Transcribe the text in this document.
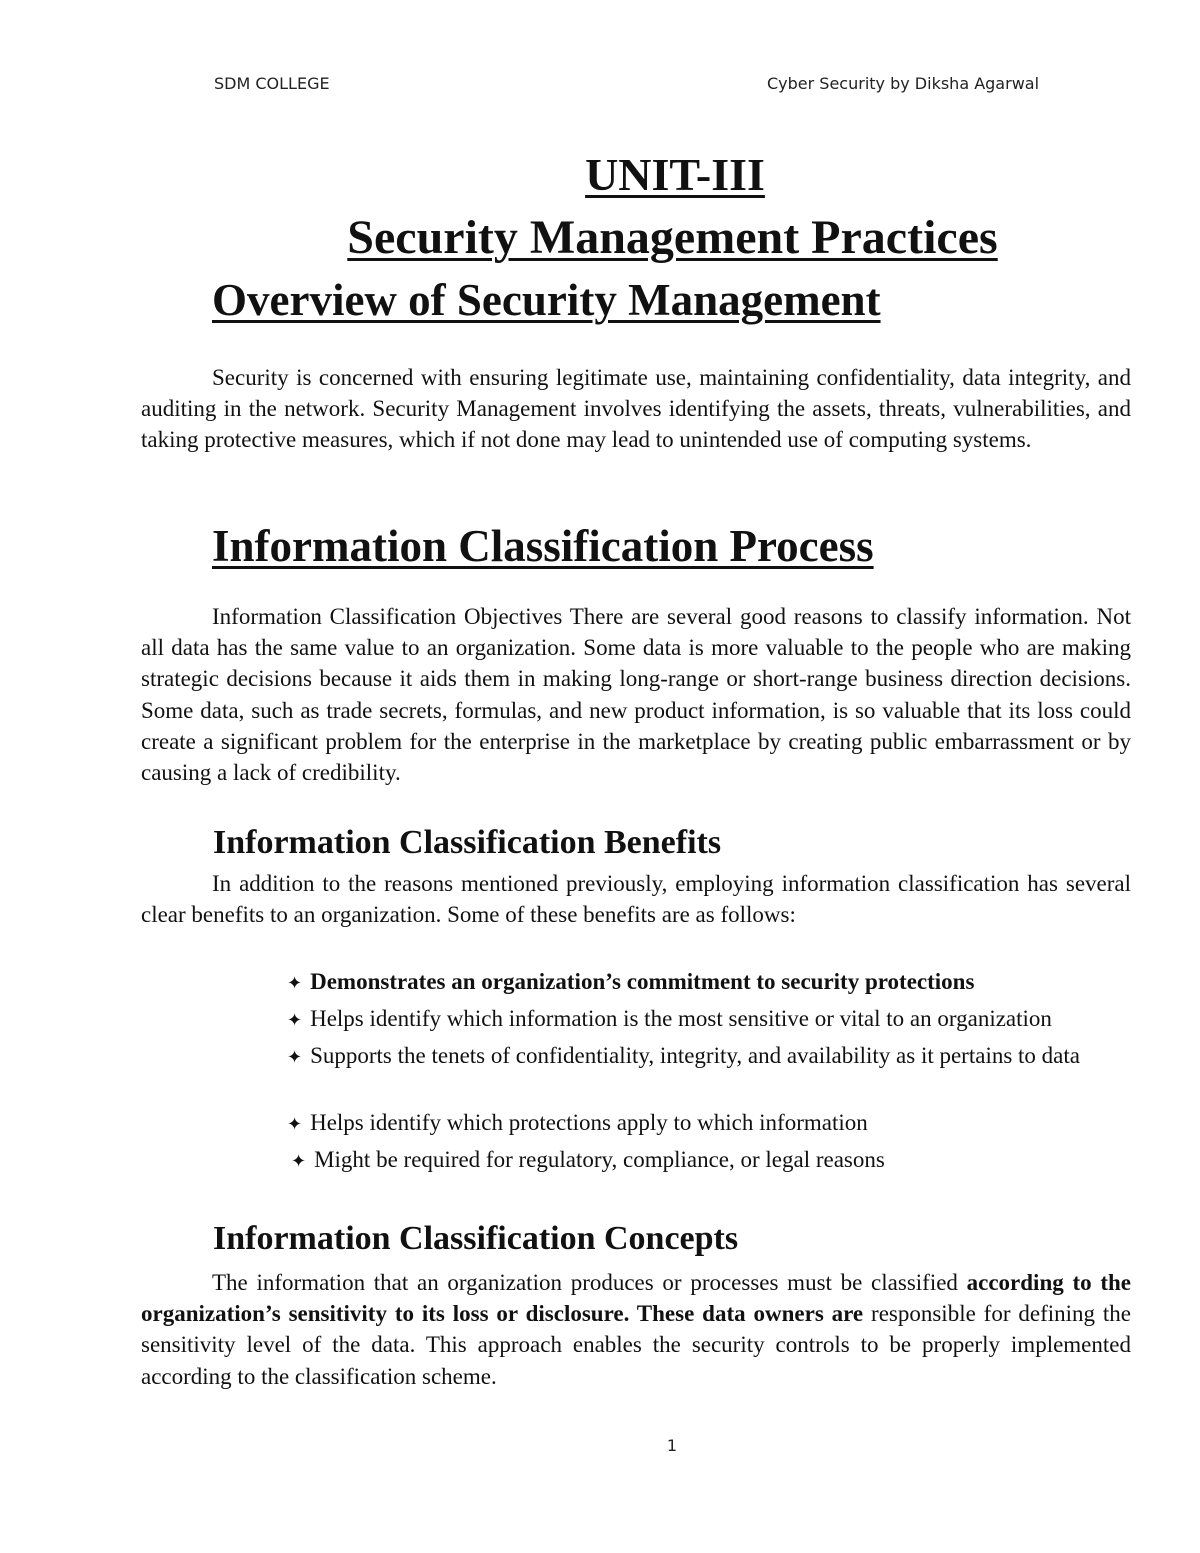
SDM COLLEGE	Cyber Security by Diksha Agarwal
UNIT-III
Security Management Practices
Overview of Security Management
Security is concerned with ensuring legitimate use, maintaining confidentiality, data integrity, and auditing in the network. Security Management involves identifying the assets, threats, vulnerabilities, and taking protective measures, which if not done may lead to unintended use of computing systems.
Information Classification Process
Information Classification Objectives There are several good reasons to classify information. Not all data has the same value to an organization. Some data is more valuable to the people who are making strategic decisions because it aids them in making long-range or short-range business direction decisions. Some data, such as trade secrets, formulas, and new product information, is so valuable that its loss could create a significant problem for the enterprise in the marketplace by creating public embarrassment or by causing a lack of credibility.
Information Classification Benefits
In addition to the reasons mentioned previously, employing information classification has several clear benefits to an organization. Some of these benefits are as follows:
✦ Demonstrates an organization’s commitment to security protections
✦ Helps identify which information is the most sensitive or vital to an organization
✦ Supports the tenets of confidentiality, integrity, and availability as it pertains to data
✦ Helps identify which protections apply to which information
✦ Might be required for regulatory, compliance, or legal reasons
Information Classification Concepts
The information that an organization produces or processes must be classified according to the organization’s sensitivity to its loss or disclosure. These data owners are responsible for defining the sensitivity level of the data. This approach enables the security controls to be properly implemented according to the classification scheme.
1
